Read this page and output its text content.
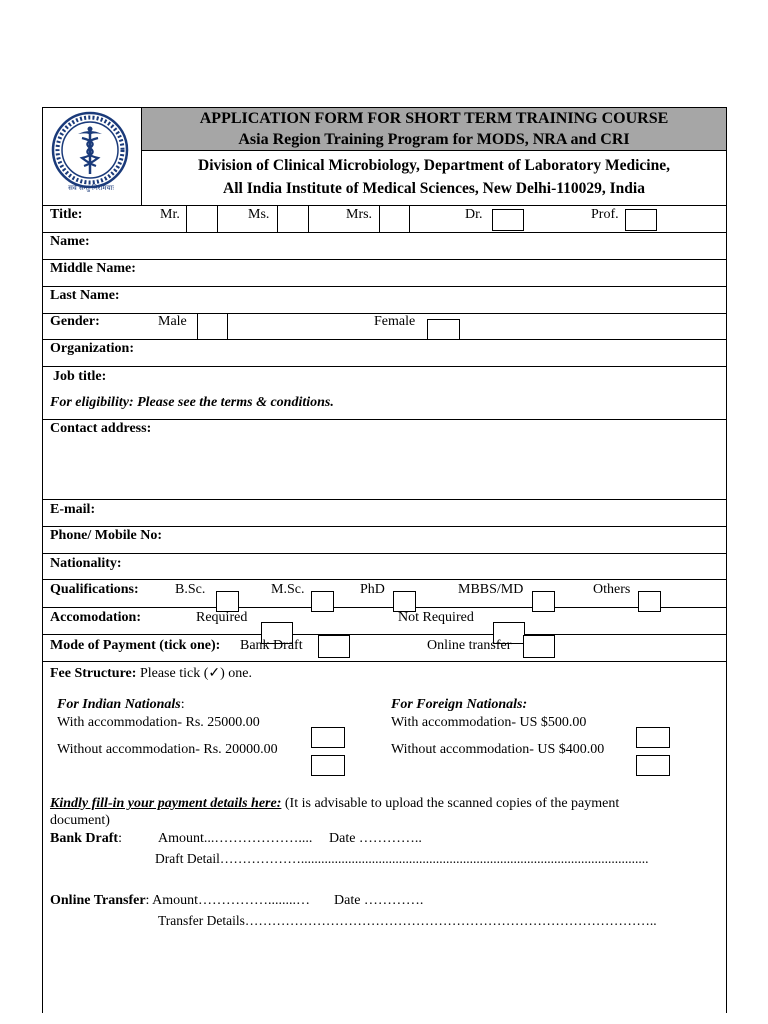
सर्वे सन्तु निरामयाः
APPLICATION FORM FOR SHORT TERM TRAINING COURSE
Asia Region Training Program for MODS, NRA and CRI
Division of Clinical Microbiology, Department of Laboratory Medicine,
All India Institute of Medical Sciences, New Delhi-110029, India
Title:	Mr.	Ms.	Mrs.	Dr.	Prof.
Name:
Middle Name:
Last Name:
Gender:	Male	Female
Organization:
Job title:
For eligibility: Please see the terms & conditions.
Contact address:
E-mail:
Phone/ Mobile No:
Nationality:
Qualifications:	B.Sc.	M.Sc.	PhD	MBBS/MD	Others
Accomodation:	Required	Not Required
Mode of Payment (tick one): Bank Draft	Online transfer
Fee Structure: Please tick (✓) one.
For Indian Nationals:
With accommodation- Rs. 25000.00
Without accommodation- Rs. 20000.00
For Foreign Nationals:
With accommodation- US $500.00
Without accommodation- US $400.00
Kindly fill-in your payment details here: (It is advisable to upload the scanned copies of the payment
document)
Bank Draft:	Amount...……………….... Date …………..
Draft Detail……………….......................................................................................................
Online Transfer: Amount……………........… Date ………….
Transfer Details………………………………………………………………………………..
